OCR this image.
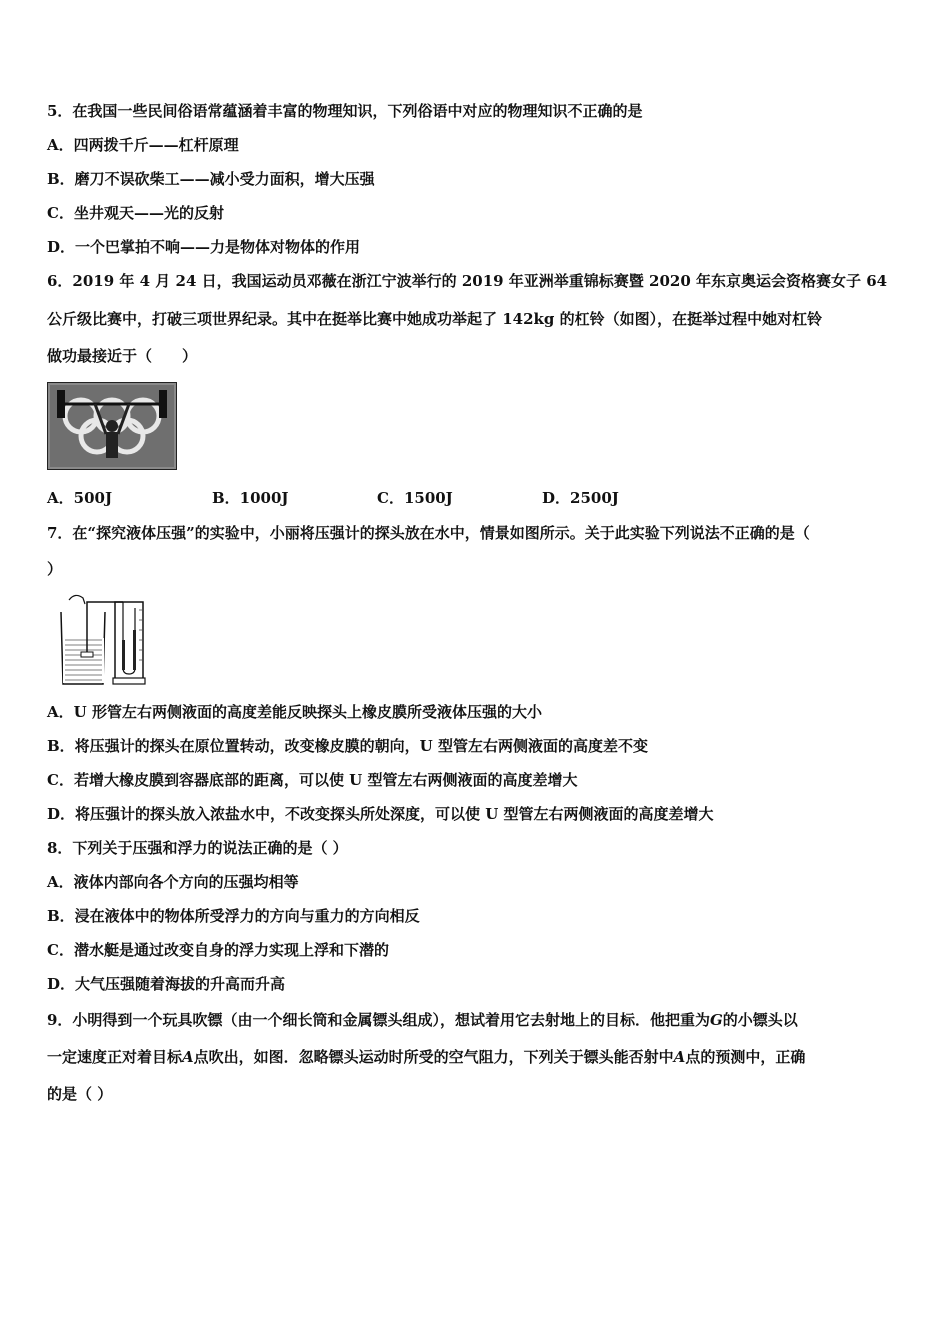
5．在我国一些民间俗语常蕴涵着丰富的物理知识，下列俗语中对应的物理知识不正确的是
A．四两拨千斤——杠杆原理
B．磨刀不误砍柴工——减小受力面积，增大压强
C．坐井观天——光的反射
D．一个巴掌拍不响——力是物体对物体的作用
6．2019 年 4 月 24 日，我国运动员邓薇在浙江宁波举行的 2019 年亚洲举重锦标赛暨 2020 年东京奥运会资格赛女子 64
公斤级比赛中，打破三项世界纪录。其中在挺举比赛中她成功举起了 142kg 的杠铃（如图），在挺举过程中她对杠铃
做功最接近于（　　）
A．500J	B．1000J	C．1500J	D．2500J
7．在“探究液体压强”的实验中，小丽将压强计的探头放在水中，情景如图所示。关于此实验下列说法不正确的是（
）
A．U 形管左右两侧液面的高度差能反映探头上橡皮膜所受液体压强的大小
B．将压强计的探头在原位置转动，改变橡皮膜的朝向，U 型管左右两侧液面的高度差不变
C．若增大橡皮膜到容器底部的距离，可以使 U 型管左右两侧液面的高度差增大
D．将压强计的探头放入浓盐水中，不改变探头所处深度，可以使 U 型管左右两侧液面的高度差增大
8．下列关于压强和浮力的说法正确的是（ ）
A．液体内部向各个方向的压强均相等
B．浸在液体中的物体所受浮力的方向与重力的方向相反
C．潜水艇是通过改变自身的浮力实现上浮和下潜的
D．大气压强随着海拔的升高而升高
9．小明得到一个玩具吹镖（由一个细长筒和金属镖头组成），想试着用它去射地上的目标．他把重为G的小镖头以
一定速度正对着目标A点吹出，如图．忽略镖头运动时所受的空气阻力，下列关于镖头能否射中A点的预测中，正确
的是（ ）
